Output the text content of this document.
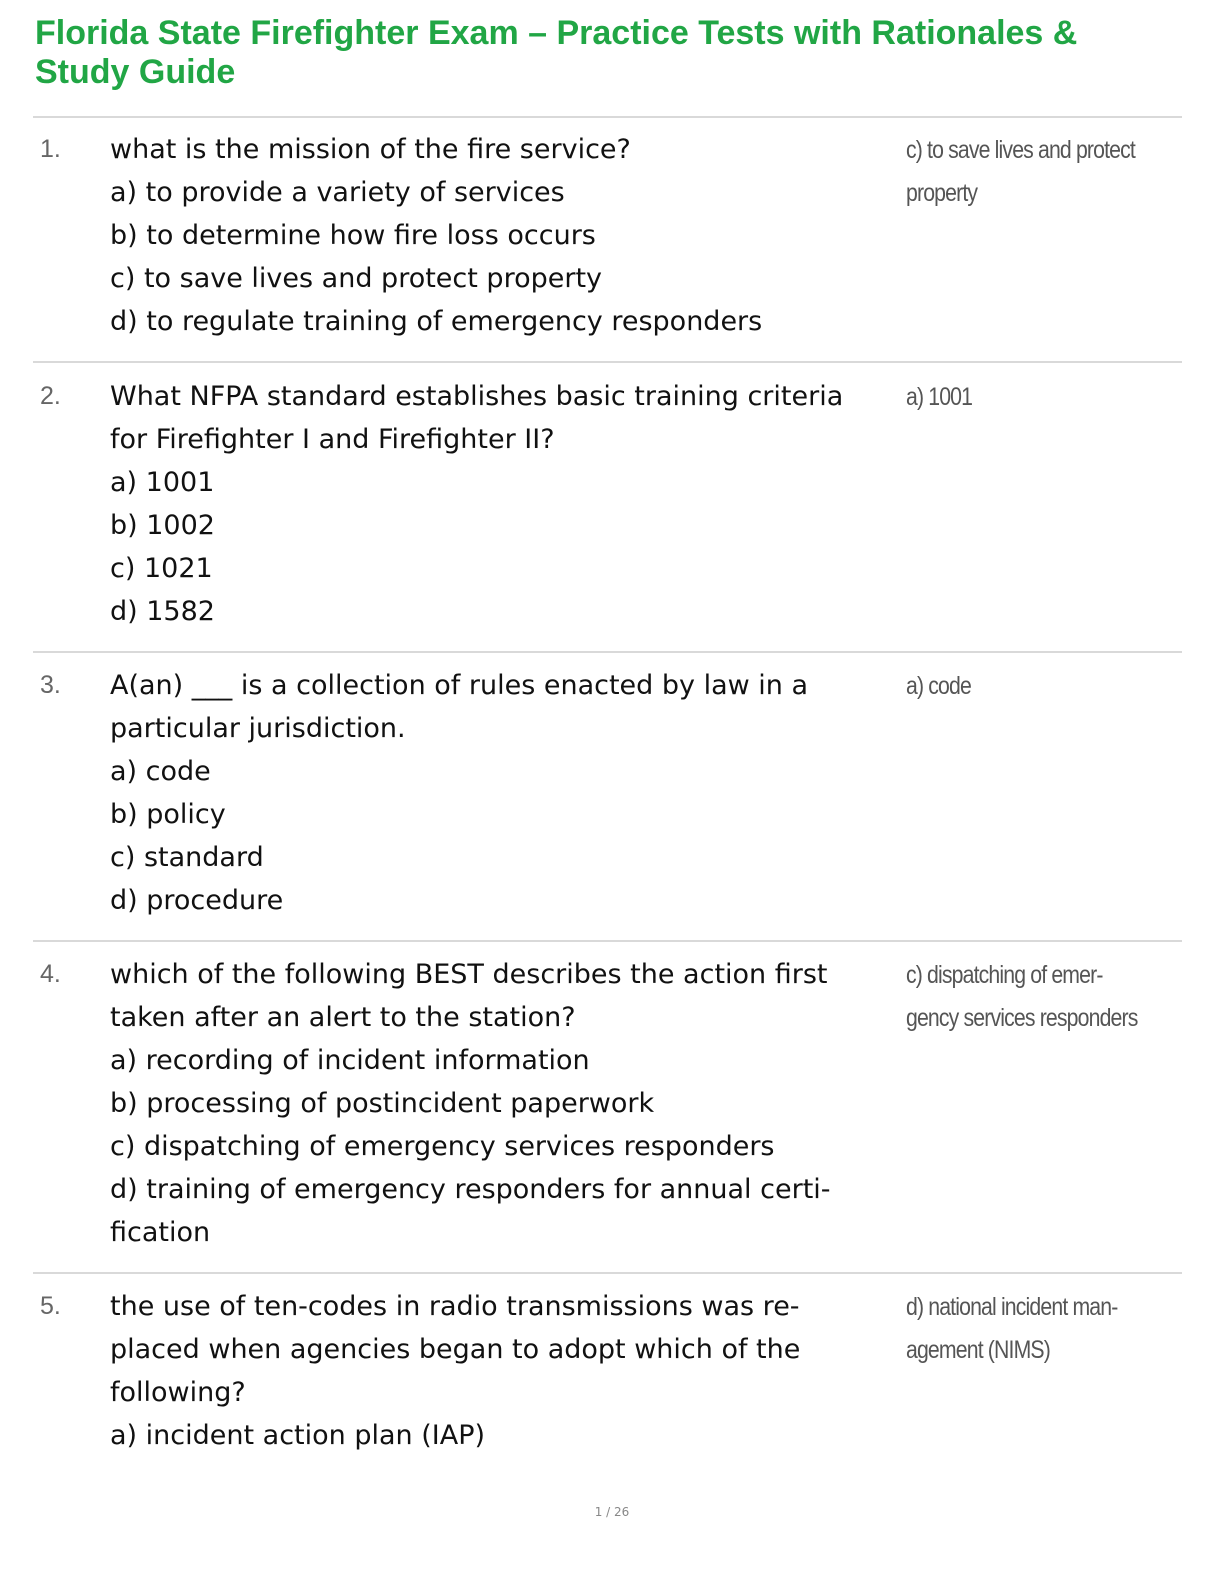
Florida State Firefighter Exam – Practice Tests with Rationales &
Study Guide
1. what is the mission of the fire service?
a) to provide a variety of services
b) to determine how fire loss occurs
c) to save lives and protect property
d) to regulate training of emergency responders
c) to save lives and protect
property
2. What NFPA standard establishes basic training criteria
for Firefighter I and Firefighter II?
a) 1001
b) 1002
c) 1021
d) 1582
a) 1001
3. A(an) ___ is a collection of rules enacted by law in a
particular jurisdiction.
a) code
b) policy
c) standard
d) procedure
a) code
4. which of the following BEST describes the action first
taken after an alert to the station?
a) recording of incident information
b) processing of postincident paperwork
c) dispatching of emergency services responders
d) training of emergency responders for annual certi-
fication
c) dispatching of emer-
gency services responders
5. the use of ten-codes in radio transmissions was re-
placed when agencies began to adopt which of the
following?
a) incident action plan (IAP)
d) national incident man-
agement (NIMS)
1 / 26
